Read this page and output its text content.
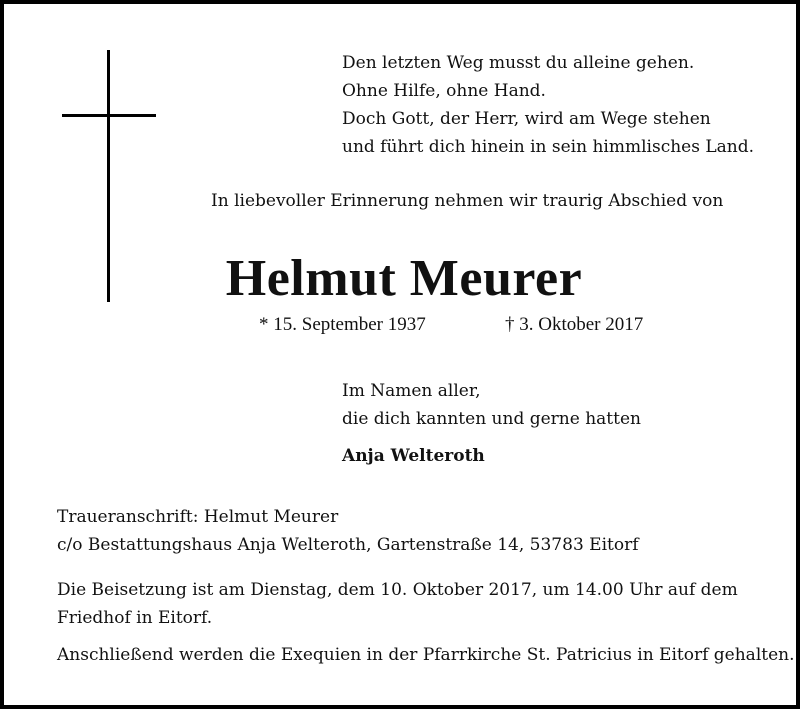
Den letzten Weg musst du alleine gehen.
Ohne Hilfe, ohne Hand.
Doch Gott, der Herr, wird am Wege stehen
und führt dich hinein in sein himmlisches Land.
In liebevoller Erinnerung nehmen wir traurig Abschied von
Helmut Meurer
* 15. September 1937	† 3. Oktober 2017
Im Namen aller,
die dich kannten und gerne hatten
Anja Welteroth
Traueranschrift: Helmut Meurer
c/o Bestattungshaus Anja Welteroth, Gartenstraße 14, 53783 Eitorf
Die Beisetzung ist am Dienstag, dem 10. Oktober 2017, um 14.00 Uhr auf dem
Friedhof in Eitorf.
Anschließend werden die Exequien in der Pfarrkirche St. Patricius in Eitorf gehalten.
